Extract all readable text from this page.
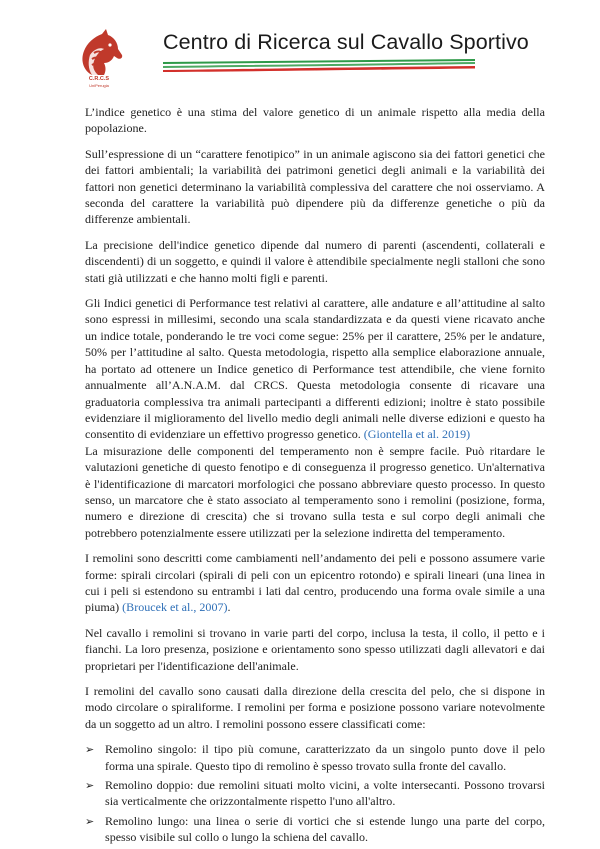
C.R.C.S
UniPerugia
Centro di Ricerca sul Cavallo Sportivo

L’indice genetico è una stima del valore genetico di un animale rispetto alla media della popolazione.

Sull’espressione di un “carattere fenotipico” in un animale agiscono sia dei fattori genetici che dei fattori ambientali; la variabilità dei patrimoni genetici degli animali e la variabilità dei fattori non genetici determinano la variabilità complessiva del carattere che noi osserviamo. A seconda del carattere la variabilità può dipendere più da differenze genetiche o più da differenze ambientali.

La precisione dell'indice genetico dipende dal numero di parenti (ascendenti, collaterali e discendenti) di un soggetto, e quindi il valore è attendibile specialmente negli stalloni che sono stati già utilizzati e che hanno molti figli e parenti.

Gli Indici genetici di Performance test relativi al carattere, alle andature e all’attitudine al salto sono espressi in millesimi, secondo una scala standardizzata e da questi viene ricavato anche un indice totale, ponderando le tre voci come segue: 25% per il carattere, 25% per le andature, 50% per l’attitudine al salto. Questa metodologia, rispetto alla semplice elaborazione annuale, ha portato ad ottenere un Indice genetico di Performance test attendibile, che viene fornito annualmente all’A.N.A.M. dal CRCS. Questa metodologia consente di ricavare una graduatoria complessiva tra animali partecipanti a differenti edizioni; inoltre è stato possibile evidenziare il miglioramento del livello medio degli animali nelle diverse edizioni e questo ha consentito di evidenziare un effettivo progresso genetico. (Giontella et al. 2019)

La misurazione delle componenti del temperamento non è sempre facile. Può ritardare le valutazioni genetiche di questo fenotipo e di conseguenza il progresso genetico. Un'alternativa è l'identificazione di marcatori morfologici che possano abbreviare questo processo. In questo senso, un marcatore che è stato associato al temperamento sono i remolini (posizione, forma, numero e direzione di crescita) che si trovano sulla testa e sul corpo degli animali che potrebbero potenzialmente essere utilizzati per la selezione indiretta del temperamento.

I remolini sono descritti come cambiamenti nell’andamento dei peli e possono assumere varie forme: spirali circolari (spirali di peli con un epicentro rotondo) e spirali lineari (una linea in cui i peli si estendono su entrambi i lati dal centro, producendo una forma ovale simile a una piuma) (Broucek et al., 2007).

Nel cavallo i remolini si trovano in varie parti del corpo, inclusa la testa, il collo, il petto e i fianchi. La loro presenza, posizione e orientamento sono spesso utilizzati dagli allevatori e dai proprietari per l'identificazione dell'animale.

I remolini del cavallo sono causati dalla direzione della crescita del pelo, che si dispone in modo circolare o spiraliforme. I remolini per forma e posizione possono variare notevolmente da un soggetto ad un altro. I remolini possono essere classificati come:

➢ Remolino singolo: il tipo più comune, caratterizzato da un singolo punto dove il pelo forma una spirale. Questo tipo di remolino è spesso trovato sulla fronte del cavallo.
➢ Remolino doppio: due remolini situati molto vicini, a volte intersecanti. Possono trovarsi sia verticalmente che orizzontalmente rispetto l'uno all'altro.
➢ Remolino lungo: una linea o serie di vortici che si estende lungo una parte del corpo, spesso visibile sul collo o lungo la schiena del cavallo.
